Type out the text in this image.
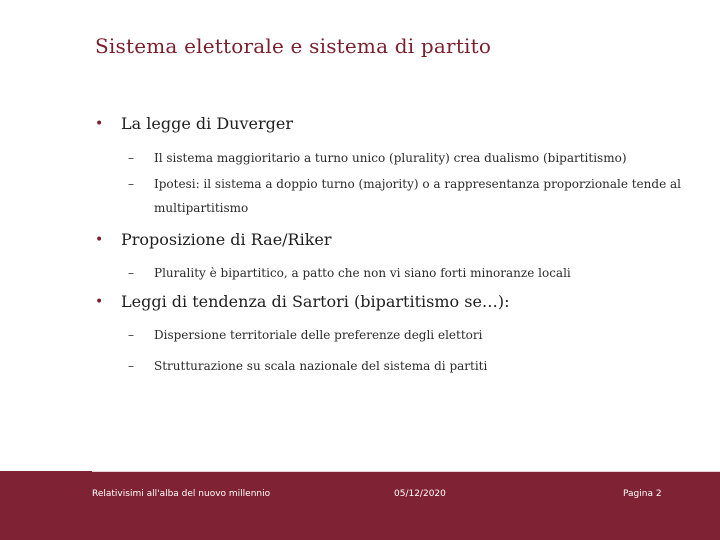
Sistema elettorale e sistema di partito
• La legge di Duverger
– Il sistema maggioritario a turno unico (plurality) crea dualismo (bipartitismo)
– Ipotesi: il sistema a doppio turno (majority) o a rappresentanza proporzionale tende al multipartitismo
• Proposizione di Rae/Riker
– Plurality è bipartitico, a patto che non vi siano forti minoranze locali
• Leggi di tendenza di Sartori (bipartitismo se…):
– Dispersione territoriale delle preferenze degli elettori
– Strutturazione su scala nazionale del sistema di partiti
Relativisimi all'alba del nuovo millennio	05/12/2020	Pagina 2
